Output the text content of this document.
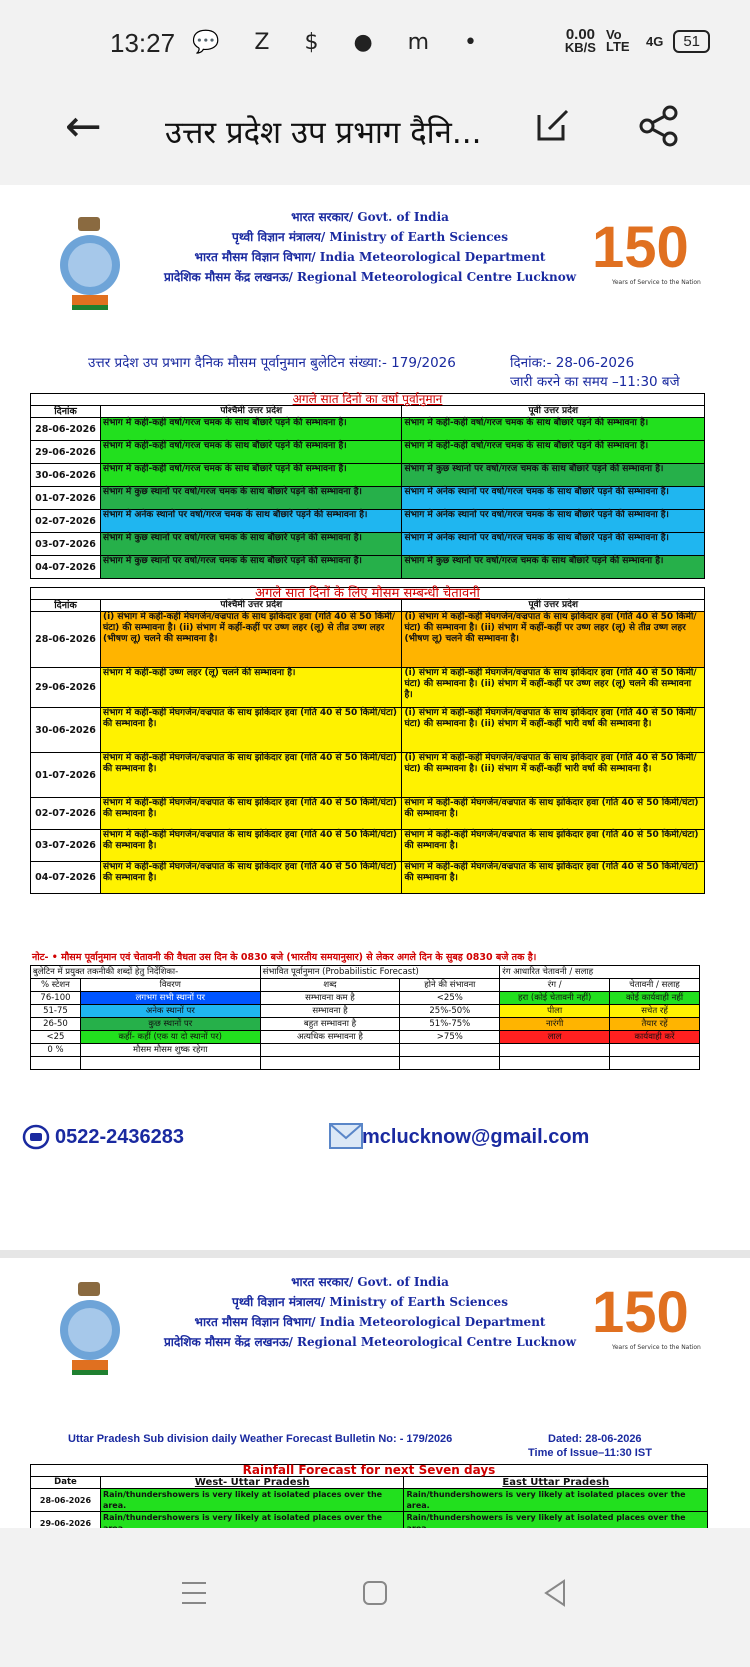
13:27 💬 Z $ ● m •	0.00
KB/S
Vo LTE	4G	51
← उत्तर प्रदेश उप प्रभाग दैनि...
भारत सरकार/ Govt. of India
पृथ्वी विज्ञान मंत्रालय/ Ministry of Earth Sciences
भारत मौसम विज्ञान विभाग/ India Meteorological Department
प्रादेशिक मौसम केंद्र लखनऊ/ Regional Meteorological Centre Lucknow 150
Years of Service to the Nation
उत्तर प्रदेश उप प्रभाग दैनिक मौसम पूर्वानुमान बुलेटिन संख्या:- 179/2026	दिनांक:- 28-06-2026
जारी करने का समय –11:30 बजे
अगले सात दिनों का वर्षा पूर्वानुमान		
दिनांक	पश्चिमी उत्तर प्रदेश	पूर्वी उत्तर प्रदेश
28-06-2026	संभाग में कहीं-कहीं वर्षा/गरज चमक के साथ बौछारें पड़ने की सम्भावना है।	संभाग में कहीं-कहीं वर्षा/गरज चमक के साथ बौछारें पड़ने की सम्भावना है।
29-06-2026	संभाग में कहीं-कहीं वर्षा/गरज चमक के साथ बौछारें पड़ने की सम्भावना है।	संभाग में कहीं-कहीं वर्षा/गरज चमक के साथ बौछारें पड़ने की सम्भावना है।
30-06-2026	संभाग में कहीं-कहीं वर्षा/गरज चमक के साथ बौछारें पड़ने की सम्भावना है।	संभाग में कुछ स्थानों पर वर्षा/गरज चमक के साथ बौछारें पड़ने की सम्भावना है।
01-07-2026	संभाग में कुछ स्थानों पर वर्षा/गरज चमक के साथ बौछारें पड़ने की सम्भावना है।	संभाग में अनेक स्थानों पर वर्षा/गरज चमक के साथ बौछारें पड़ने की सम्भावना है।
02-07-2026	संभाग में अनेक स्थानों पर वर्षा/गरज चमक के साथ बौछारें पड़ने की सम्भावना है।	संभाग में अनेक स्थानों पर वर्षा/गरज चमक के साथ बौछारें पड़ने की सम्भावना है।
03-07-2026	संभाग में कुछ स्थानों पर वर्षा/गरज चमक के साथ बौछारें पड़ने की सम्भावना है।	संभाग में अनेक स्थानों पर वर्षा/गरज चमक के साथ बौछारें पड़ने की सम्भावना है।
04-07-2026	संभाग में कुछ स्थानों पर वर्षा/गरज चमक के साथ बौछारें पड़ने की सम्भावना है।	संभाग में कुछ स्थानों पर वर्षा/गरज चमक के साथ बौछारें पड़ने की सम्भावना है।
अगले सात दिनों के लिए मौसम सम्बन्धी चेतावनी		
दिनांक	पश्चिमी उत्तर प्रदेश	पूर्वी उत्तर प्रदेश
28-06-2026	(i) संभाग में कहीं-कहीं मेघगर्जन/वज्रपात के साथ झोकेदार हवा (गति 40 से 50 किमी/घंटा) की सम्भावना है। (ii) संभाग में कहीं-कहीं पर उष्ण लहर (लू) से तीव्र उष्ण लहर (भीषण लू) चलने की सम्भावना है।	(i) संभाग में कहीं-कहीं मेघगर्जन/वज्रपात के साथ झोकेदार हवा (गति 40 से 50 किमी/घंटा) की सम्भावना है। (ii) संभाग में कहीं-कहीं पर उष्ण लहर (लू) से तीव्र उष्ण लहर (भीषण लू) चलने की सम्भावना है।
29-06-2026	संभाग में कहीं-कहीं उष्ण लहर (लू) चलने की सम्भावना है।	(i) संभाग में कहीं-कहीं मेघगर्जन/वज्रपात के साथ झोकेदार हवा (गति 40 से 50 किमी/घंटा) की सम्भावना है। (ii) संभाग में कहीं-कहीं पर उष्ण लहर (लू) चलने की सम्भावना है।
30-06-2026	संभाग में कहीं-कहीं मेघगर्जन/वज्रपात के साथ झोकेदार हवा (गति 40 से 50 किमी/घंटा) की सम्भावना है।	(i) संभाग में कहीं-कहीं मेघगर्जन/वज्रपात के साथ झोकेदार हवा (गति 40 से 50 किमी/घंटा) की सम्भावना है। (ii) संभाग में कहीं-कहीं भारी वर्षा की सम्भावना है।
01-07-2026	संभाग में कहीं-कहीं मेघगर्जन/वज्रपात के साथ झोकेदार हवा (गति 40 से 50 किमी/घंटा) की सम्भावना है।	(i) संभाग में कहीं-कहीं मेघगर्जन/वज्रपात के साथ झोकेदार हवा (गति 40 से 50 किमी/घंटा) की सम्भावना है। (ii) संभाग में कहीं-कहीं भारी वर्षा की सम्भावना है।
02-07-2026	संभाग में कहीं-कहीं मेघगर्जन/वज्रपात के साथ झोकेदार हवा (गति 40 से 50 किमी/घंटा) की सम्भावना है।	संभाग में कहीं-कहीं मेघगर्जन/वज्रपात के साथ झोकेदार हवा (गति 40 से 50 किमी/घंटा) की सम्भावना है।
03-07-2026	संभाग में कहीं-कहीं मेघगर्जन/वज्रपात के साथ झोकेदार हवा (गति 40 से 50 किमी/घंटा) की सम्भावना है।	संभाग में कहीं-कहीं मेघगर्जन/वज्रपात के साथ झोकेदार हवा (गति 40 से 50 किमी/घंटा) की सम्भावना है।
04-07-2026	संभाग में कहीं-कहीं मेघगर्जन/वज्रपात के साथ झोकेदार हवा (गति 40 से 50 किमी/घंटा) की सम्भावना है।	संभाग में कहीं-कहीं मेघगर्जन/वज्रपात के साथ झोकेदार हवा (गति 40 से 50 किमी/घंटा) की सम्भावना है।
नोट- • मौसम पूर्वानुमान एवं चेतावनी की वैधता उस दिन के 0830 बजे (भारतीय समयानुसार) से लेकर अगले दिन के सुबह 0830 बजे तक है।
बुलेटिन में प्रयुक्त तकनीकी शब्दों हेतु निर्देशिका-		संभावित पूर्वानुमान (Probabilistic Forecast)		रंग आधारित चेतावनी / सलाह	
% स्टेशन	विवरण	शब्द	होने की संभावना	रंग /	चेतावनी / सलाह
76-100	लगभग सभी स्थानों पर	सम्भावना कम है	<25%	हरा (कोई चेतावनी नहीं)	कोई कार्यवाही नहीं
51-75	अनेक स्थानों पर	सम्भावना है	25%-50%	पीला	सचेत रहें
26-50	कुछ स्थानों पर	बहुत सम्भावना है	51%-75%	नारंगी	तैयार रहें
<25	कहीं- कहीं (एक या दो स्थानों पर)	अत्यधिक सम्भावना है	>75%	लाल	कार्यवाही करें
0 %	मौसम मौसम शुष्क रहेगा				

0522-2436283	mclucknow@gmail.com
भारत सरकार/ Govt. of India
पृथ्वी विज्ञान मंत्रालय/ Ministry of Earth Sciences
भारत मौसम विज्ञान विभाग/ India Meteorological Department
प्रादेशिक मौसम केंद्र लखनऊ/ Regional Meteorological Centre Lucknow 150
Years of Service to the Nation
Uttar Pradesh Sub division daily Weather Forecast Bulletin No: - 179/2026	Dated: 28-06-2026
Time of Issue–11:30 IST
Rainfall Forecast for next Seven days		
Date	West- Uttar Pradesh	East Uttar Pradesh
28-06-2026	Rain/thundershowers is very likely at isolated places over the area.	Rain/thundershowers is very likely at isolated places over the area.
29-06-2026	Rain/thundershowers is very likely at isolated places over the	Rain/thundershowers is very likely at isolated places over the
